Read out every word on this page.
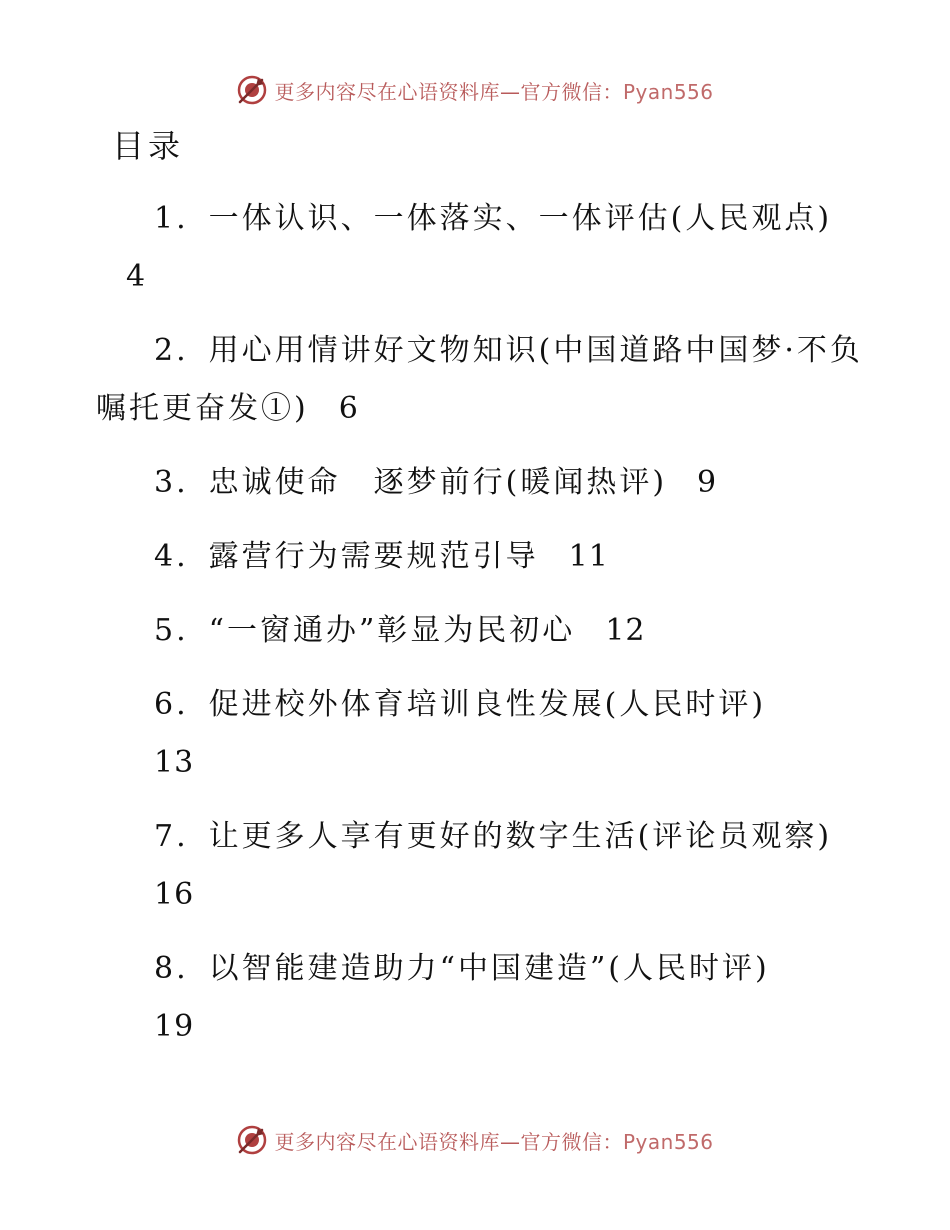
更多内容尽在心语资料库—官方微信：Pyan556
目录
1. 一体认识、一体落实、一体评估(人民观点)4
2. 用心用情讲好文物知识(中国道路中国梦·不负嘱托更奋发①) 6
3. 忠诚使命　逐梦前行(暖闻热评) 9
4. 露营行为需要规范引导 11
5. “一窗通办”彰显为民初心 12
6. 促进校外体育培训良性发展(人民时评)
13
7. 让更多人享有更好的数字生活(评论员观察)
16
8. 以智能建造助力“中国建造”(人民时评)
19
更多内容尽在心语资料库—官方微信：Pyan556
